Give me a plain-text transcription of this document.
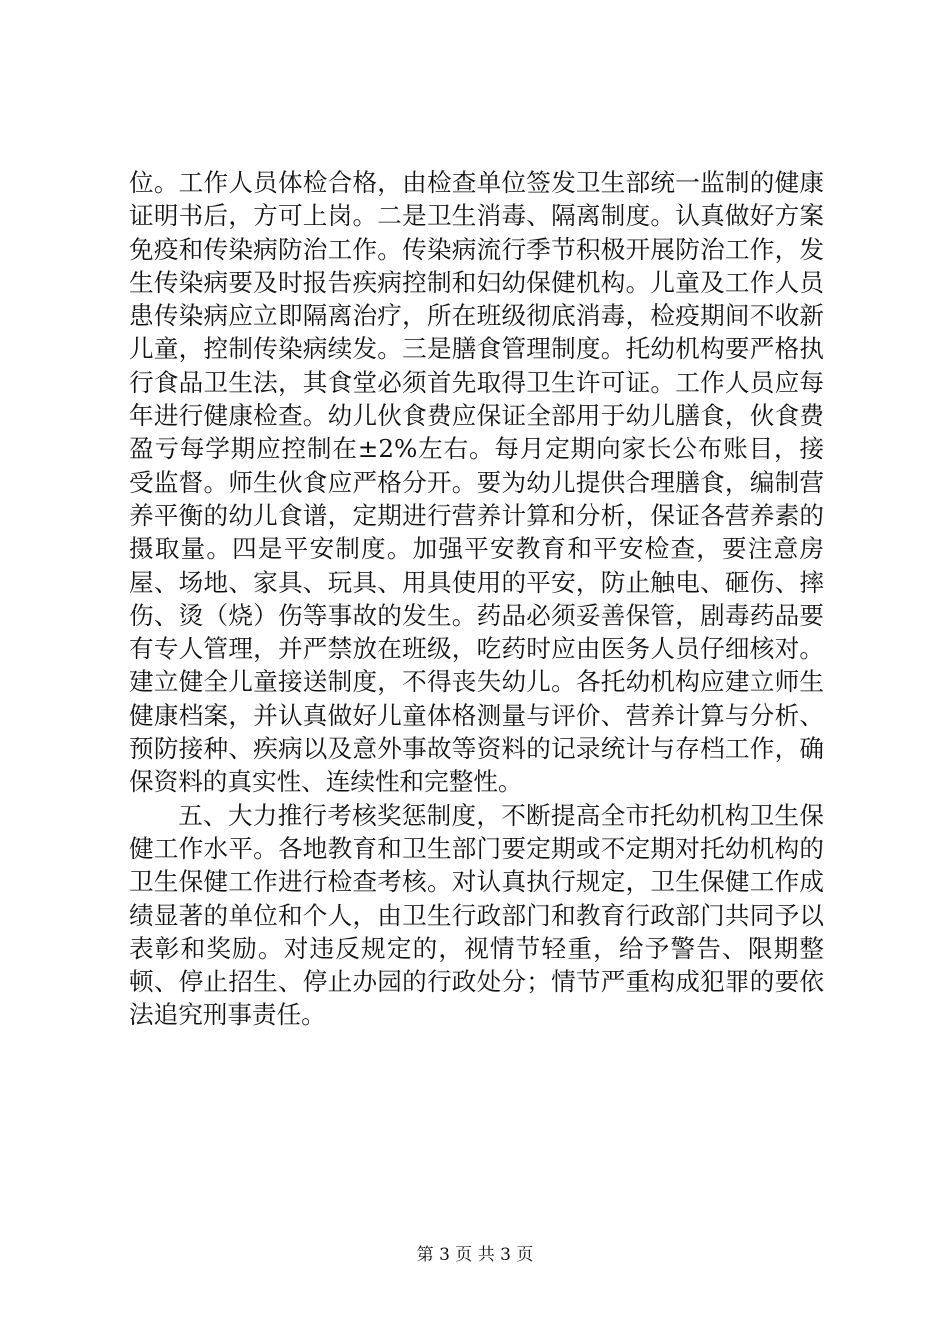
位。工作人员体检合格，由检查单位签发卫生部统一监制的健康证明书后，方可上岗。二是卫生消毒、隔离制度。认真做好方案免疫和传染病防治工作。传染病流行季节积极开展防治工作，发生传染病要及时报告疾病控制和妇幼保健机构。儿童及工作人员患传染病应立即隔离治疗，所在班级彻底消毒，检疫期间不收新儿童，控制传染病续发。三是膳食管理制度。托幼机构要严格执行食品卫生法，其食堂必须首先取得卫生许可证。工作人员应每年进行健康检查。幼儿伙食费应保证全部用于幼儿膳食，伙食费盈亏每学期应控制在±2%左右。每月定期向家长公布账目，接受监督。师生伙食应严格分开。要为幼儿提供合理膳食，编制营养平衡的幼儿食谱，定期进行营养计算和分析，保证各营养素的摄取量。四是平安制度。加强平安教育和平安检查，要注意房屋、场地、家具、玩具、用具使用的平安，防止触电、砸伤、摔伤、烫（烧）伤等事故的发生。药品必须妥善保管，剧毒药品要有专人管理，并严禁放在班级，吃药时应由医务人员仔细核对。建立健全儿童接送制度，不得丧失幼儿。各托幼机构应建立师生健康档案，并认真做好儿童体格测量与评价、营养计算与分析、预防接种、疾病以及意外事故等资料的记录统计与存档工作，确保资料的真实性、连续性和完整性。

五、大力推行考核奖惩制度，不断提高全市托幼机构卫生保健工作水平。各地教育和卫生部门要定期或不定期对托幼机构的卫生保健工作进行检查考核。对认真执行规定，卫生保健工作成绩显著的单位和个人，由卫生行政部门和教育行政部门共同予以表彰和奖励。对违反规定的，视情节轻重，给予警告、限期整顿、停止招生、停止办园的行政处分；情节严重构成犯罪的要依法追究刑事责任。

第 3 页 共 3 页
